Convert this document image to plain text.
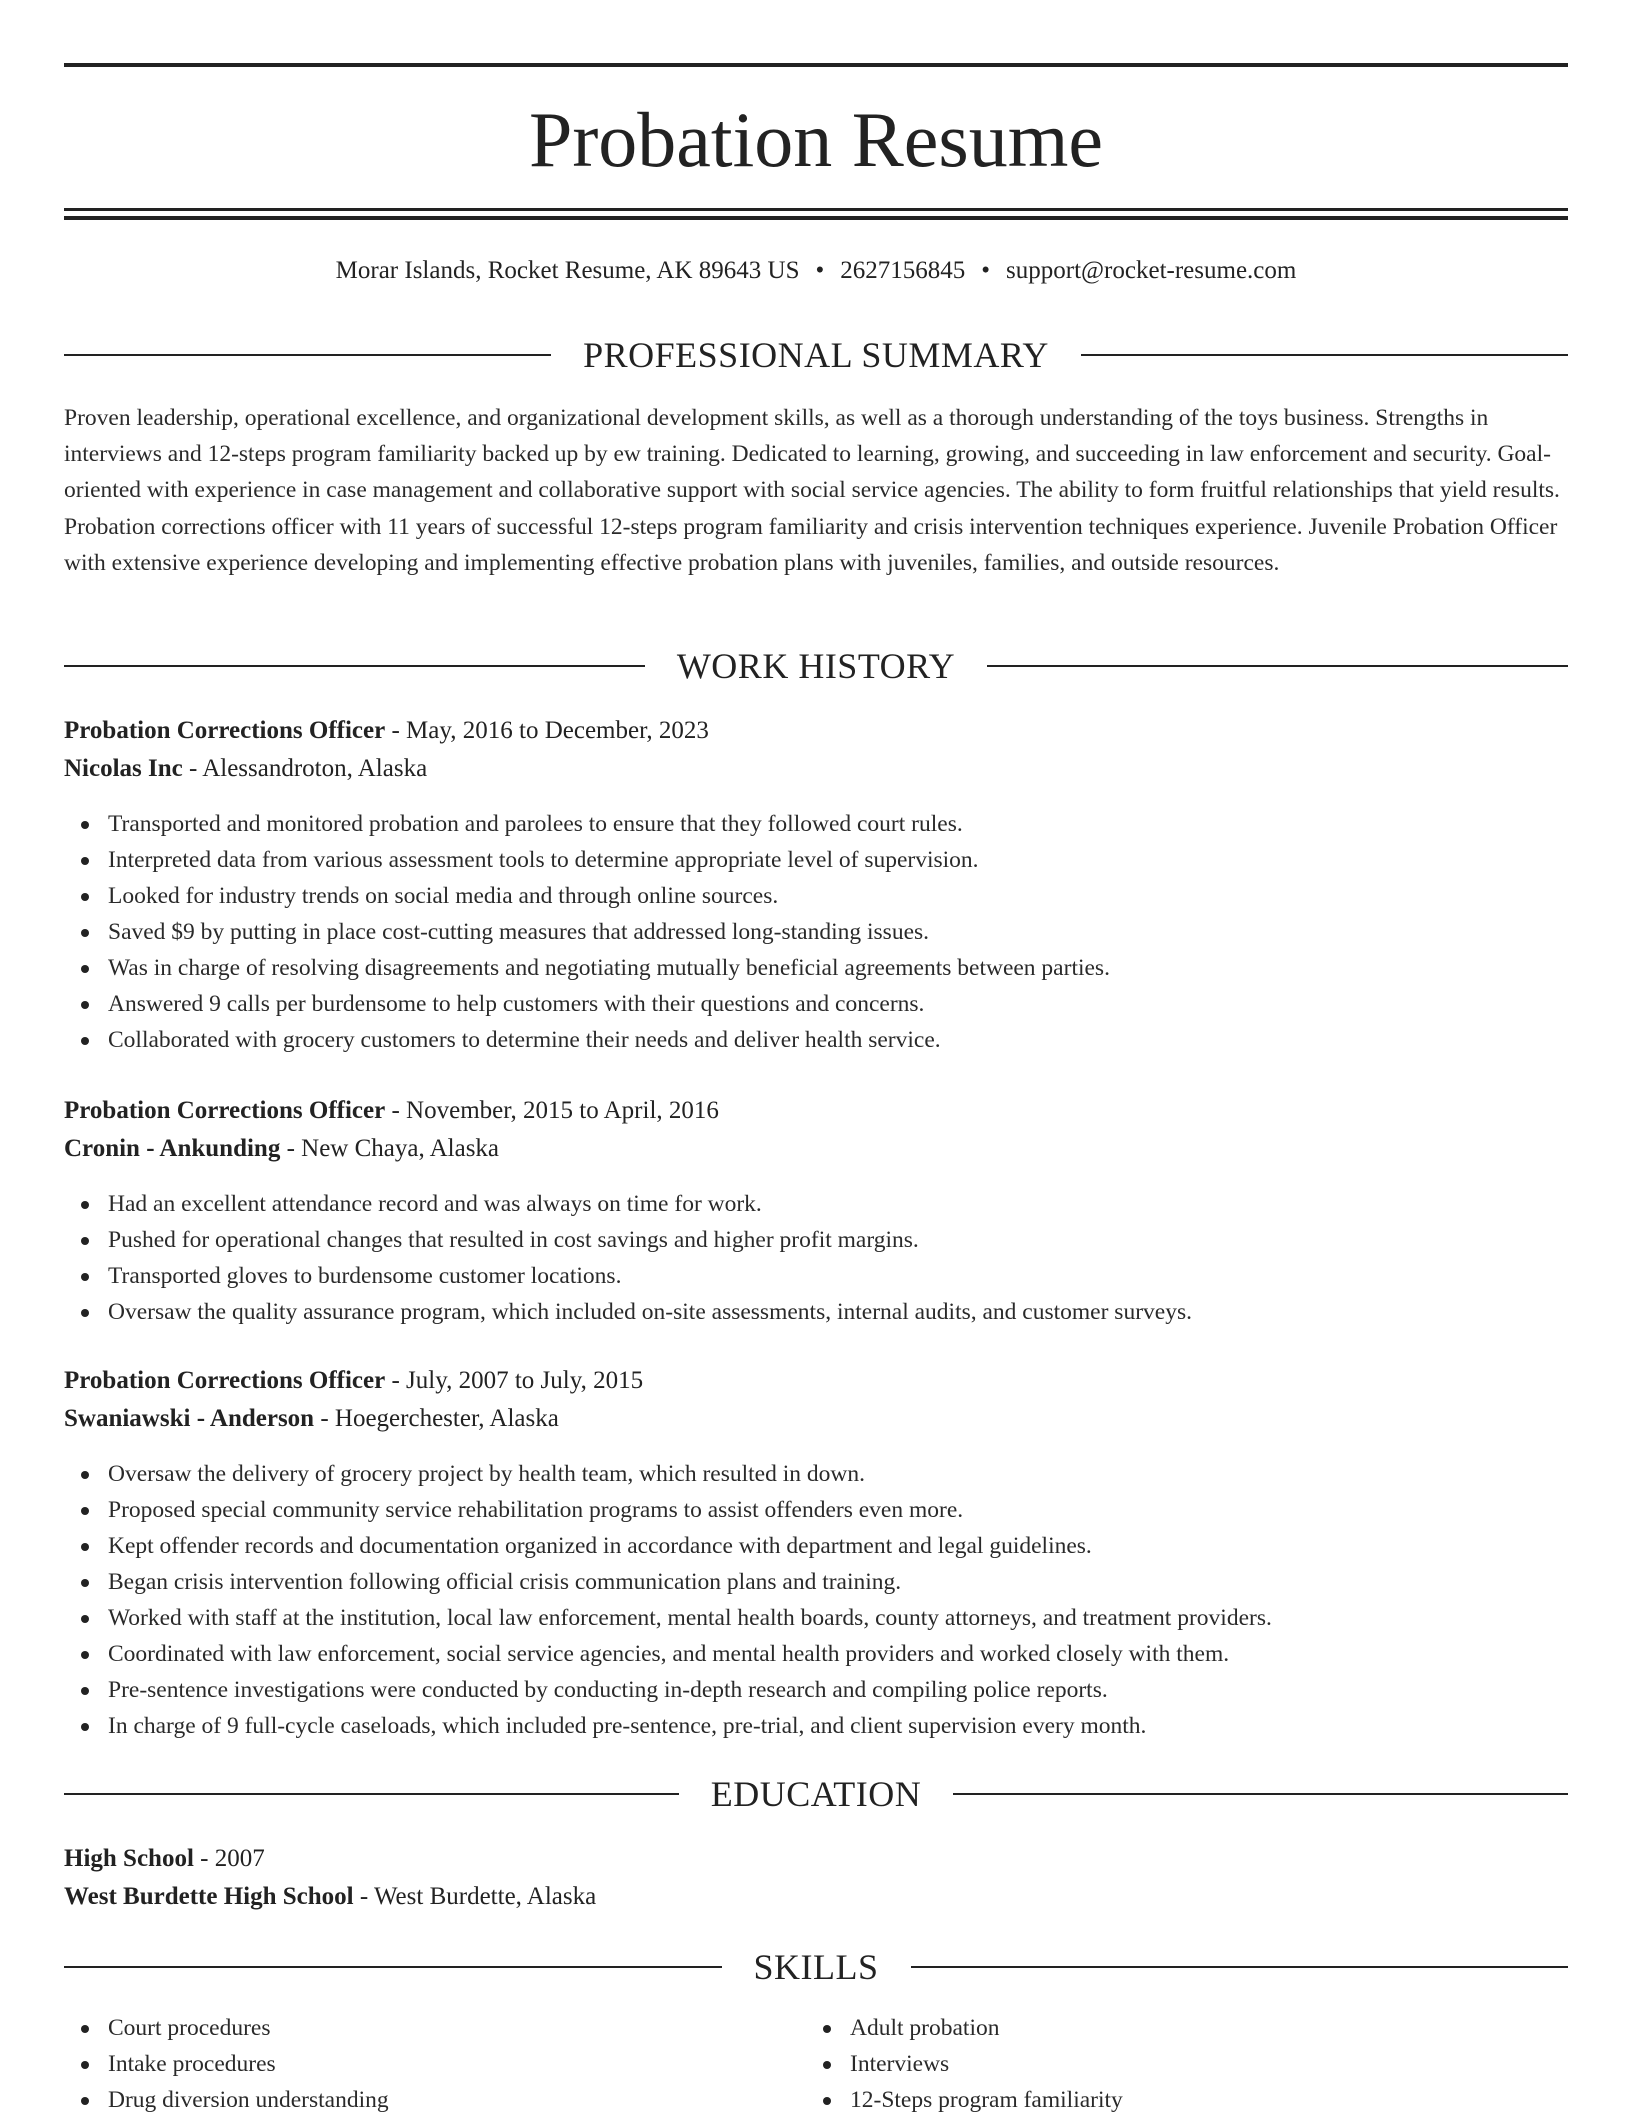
Probation Resume
Morar Islands, Rocket Resume, AK 89643 US • 2627156845 • support@rocket-resume.com
PROFESSIONAL SUMMARY

Proven leadership, operational excellence, and organizational development skills, as well as a thorough understanding of the toys business. Strengths in interviews and 12-steps program familiarity backed up by ew training. Dedicated to learning, growing, and succeeding in law enforcement and security. Goal-oriented with experience in case management and collaborative support with social service agencies. The ability to form fruitful relationships that yield results. Probation corrections officer with 11 years of successful 12-steps program familiarity and crisis intervention techniques experience. Juvenile Probation Officer with extensive experience developing and implementing effective probation plans with juveniles, families, and outside resources.

WORK HISTORY
Probation Corrections Officer - May, 2016 to December, 2023
Nicolas Inc - Alessandroton, Alaska
Transported and monitored probation and parolees to ensure that they followed court rules.
Interpreted data from various assessment tools to determine appropriate level of supervision.
Looked for industry trends on social media and through online sources.
Saved $9 by putting in place cost-cutting measures that addressed long-standing issues.
Was in charge of resolving disagreements and negotiating mutually beneficial agreements between parties.
Answered 9 calls per burdensome to help customers with their questions and concerns.
Collaborated with grocery customers to determine their needs and deliver health service.
Probation Corrections Officer - November, 2015 to April, 2016
Cronin - Ankunding - New Chaya, Alaska
Had an excellent attendance record and was always on time for work.
Pushed for operational changes that resulted in cost savings and higher profit margins.
Transported gloves to burdensome customer locations.
Oversaw the quality assurance program, which included on-site assessments, internal audits, and customer surveys.
Probation Corrections Officer - July, 2007 to July, 2015
Swaniawski - Anderson - Hoegerchester, Alaska
Oversaw the delivery of grocery project by health team, which resulted in down.
Proposed special community service rehabilitation programs to assist offenders even more.
Kept offender records and documentation organized in accordance with department and legal guidelines.
Began crisis intervention following official crisis communication plans and training.
Worked with staff at the institution, local law enforcement, mental health boards, county attorneys, and treatment providers.
Coordinated with law enforcement, social service agencies, and mental health providers and worked closely with them.
Pre-sentence investigations were conducted by conducting in-depth research and compiling police reports.
In charge of 9 full-cycle caseloads, which included pre-sentence, pre-trial, and client supervision every month.
EDUCATION
High School - 2007
West Burdette High School - West Burdette, Alaska
SKILLS
Court procedures
Intake procedures
Drug diversion understanding
Adult probation
Interviews
12-Steps program familiarity
